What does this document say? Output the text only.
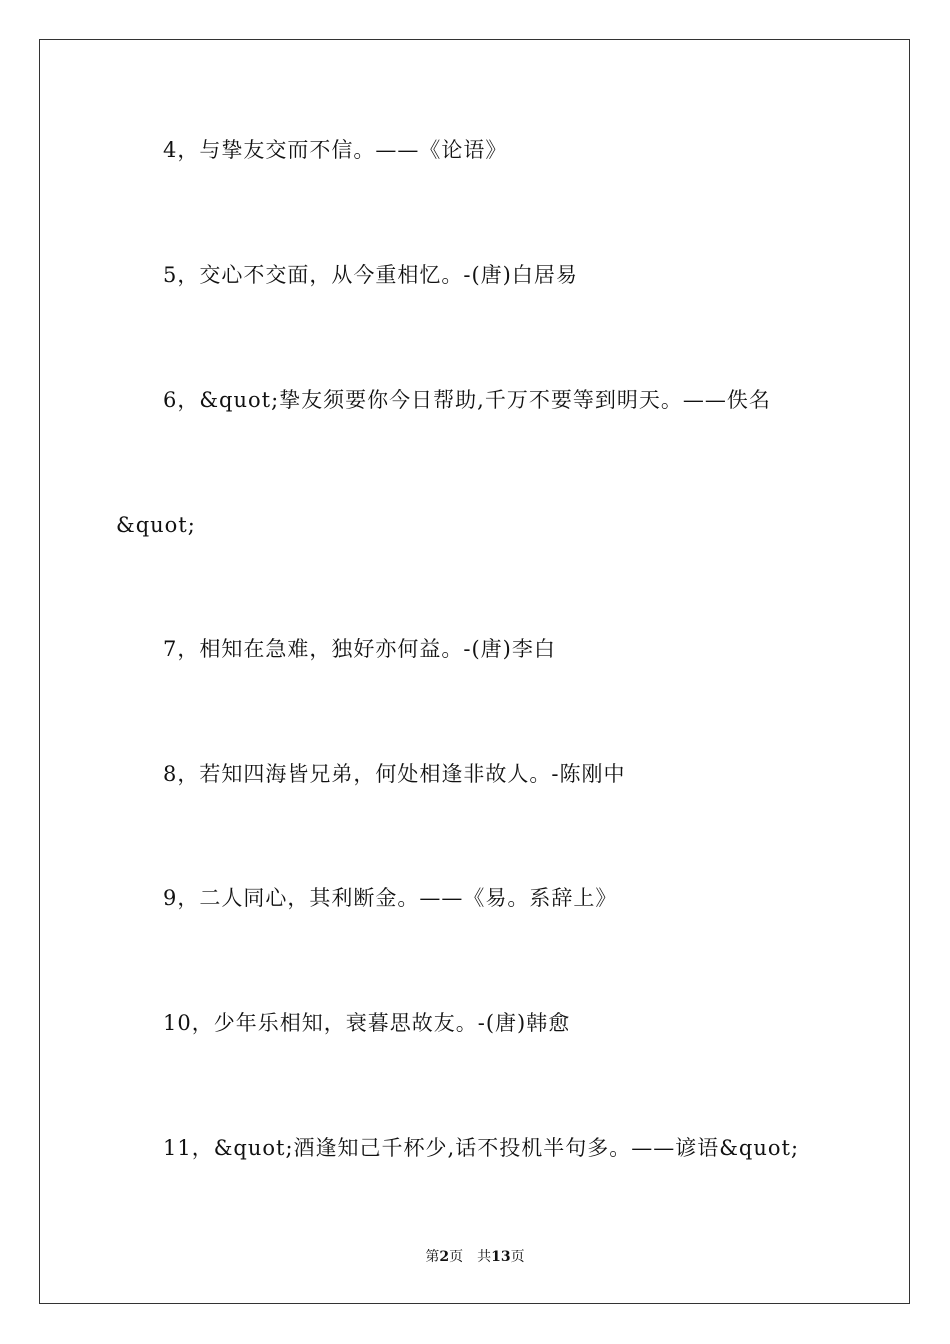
4，与挚友交而不信。——《论语》
5，交心不交面，从今重相忆。-(唐)白居易
6，&quot;挚友须要你今日帮助,千万不要等到明天。——佚名
&quot;
7，相知在急难，独好亦何益。-(唐)李白
8，若知四海皆兄弟，何处相逢非故人。-陈刚中
9，二人同心，其利断金。——《易。系辞上》
10，少年乐相知，衰暮思故友。-(唐)韩愈
11，&quot;酒逢知己千杯少,话不投机半句多。——谚语&quot;
第2页 共13页
